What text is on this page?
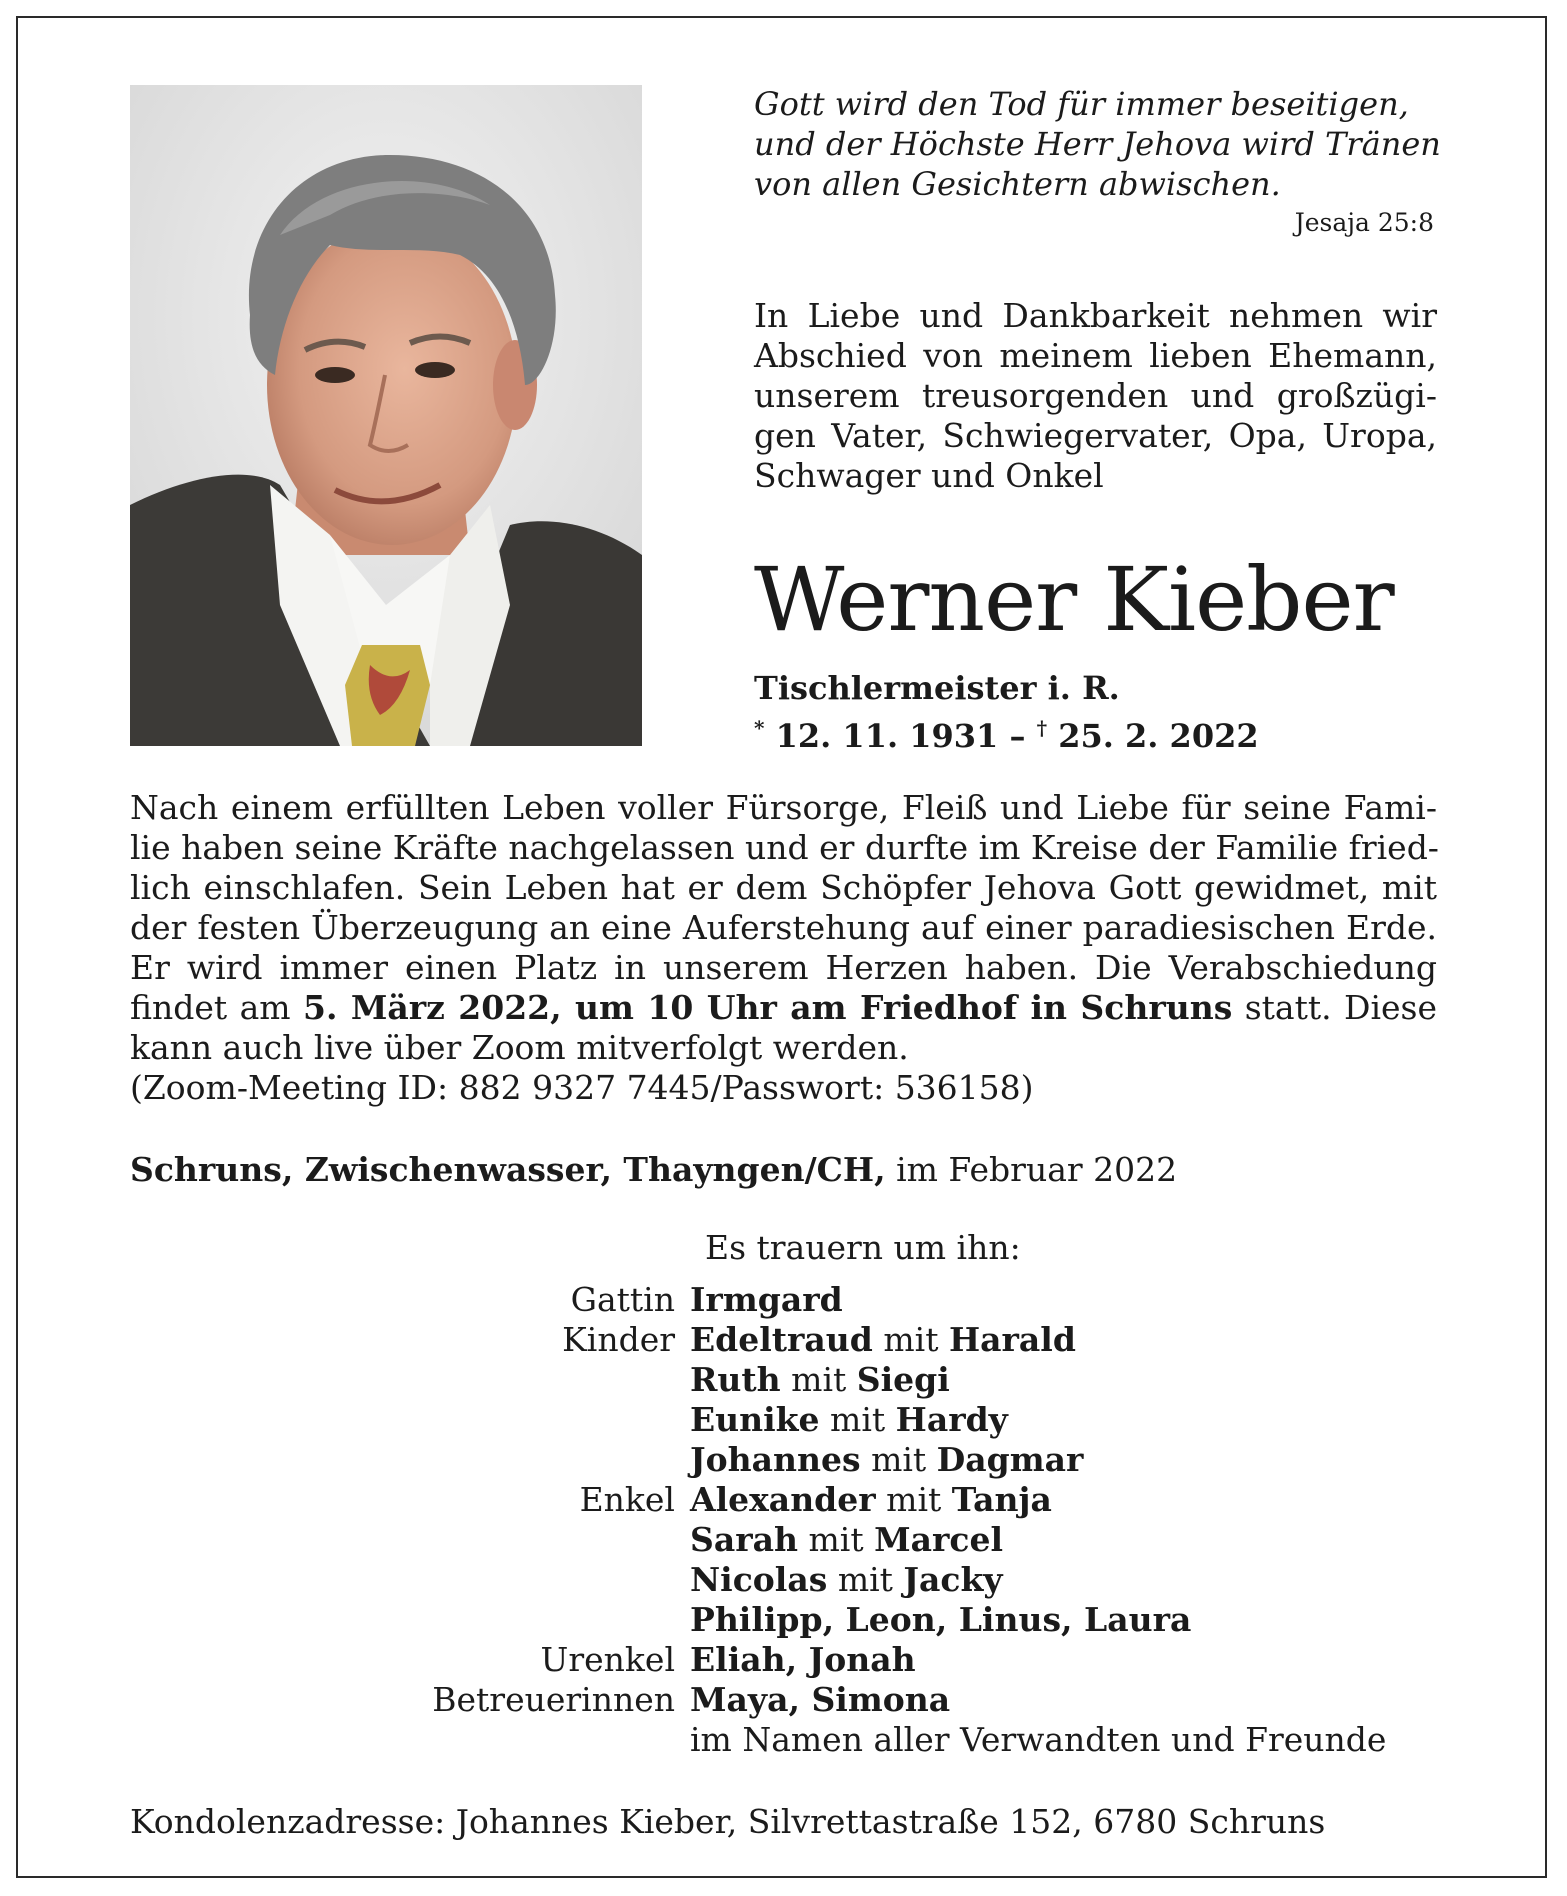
Gott wird den Tod für immer beseitigen,
und der Höchste Herr Jehova wird Tränen
von allen Gesichtern abwischen.
Jesaja 25:8
In Liebe und Dankbarkeit nehmen wir
Abschied von meinem lieben Ehemann,
unserem treusorgenden und großzügi-
gen Vater, Schwiegervater, Opa, Uropa,
Schwager und Onkel
Werner Kieber
Tischlermeister i. R.
* 12. 11. 1931 – † 25. 2. 2022
Nach einem erfüllten Leben voller Fürsorge, Fleiß und Liebe für seine Fami-
lie haben seine Kräfte nachgelassen und er durfte im Kreise der Familie fried-
lich einschlafen. Sein Leben hat er dem Schöpfer Jehova Gott gewidmet, mit
der festen Überzeugung an eine Auferstehung auf einer paradiesischen Erde.
Er wird immer einen Platz in unserem Herzen haben. Die Verabschiedung
findet am 5. März 2022, um 10 Uhr am Friedhof in Schruns statt. Diese
kann auch live über Zoom mitverfolgt werden.
(Zoom-Meeting ID: 882 9327 7445/Passwort: 536158)
Schruns, Zwischenwasser, Thayngen/CH, im Februar 2022
Es trauern um ihn:
Gattin Irmgard
Kinder Edeltraud mit Harald
Ruth mit Siegi
Eunike mit Hardy
Johannes mit Dagmar
Enkel Alexander mit Tanja
Sarah mit Marcel
Nicolas mit Jacky
Philipp, Leon, Linus, Laura
Urenkel Eliah, Jonah
Betreuerinnen Maya, Simona
im Namen aller Verwandten und Freunde
Kondolenzadresse: Johannes Kieber, Silvrettastraße 152, 6780 Schruns
